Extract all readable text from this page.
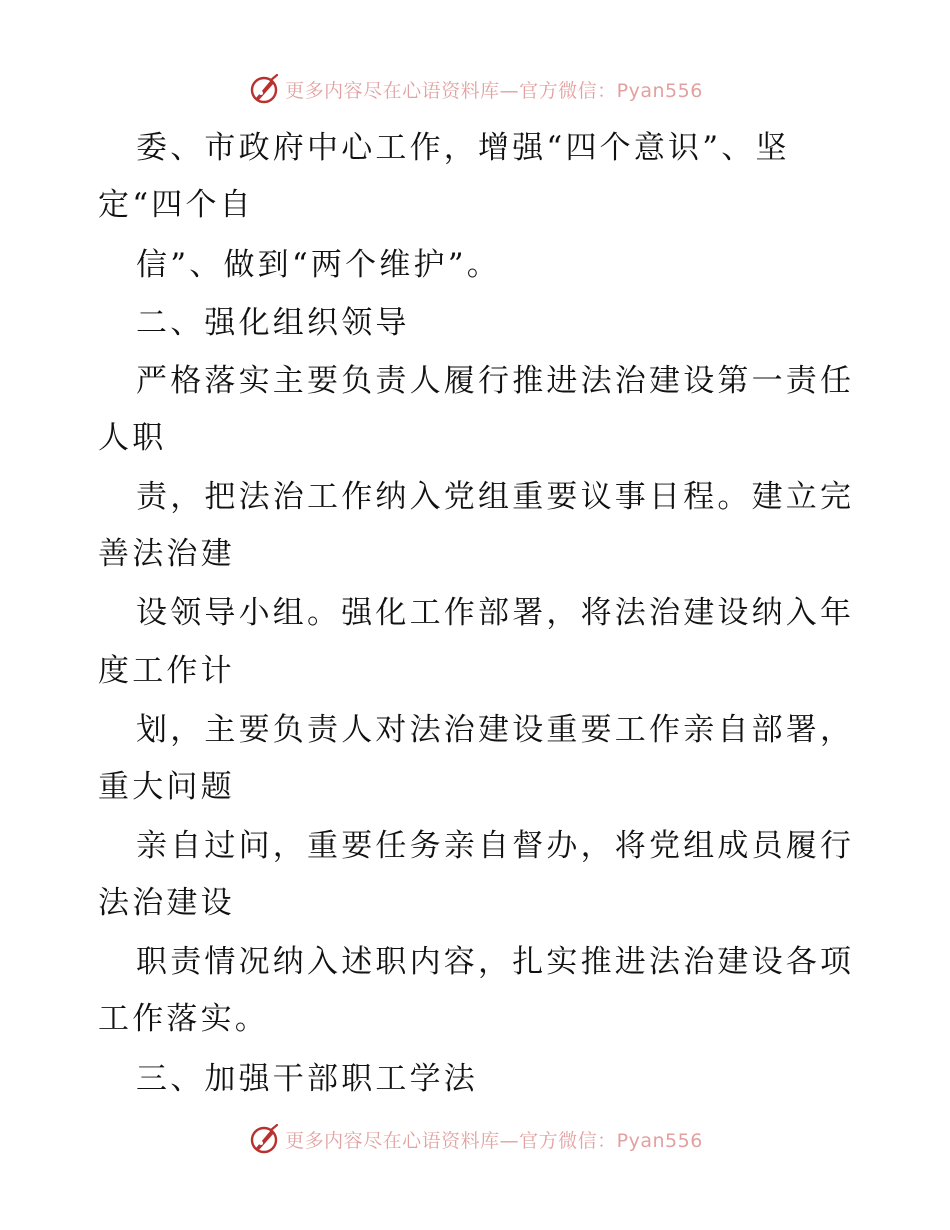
更多内容尽在心语资料库—官方微信：Pyan556
委、市政府中心工作，增强“四个意识”、坚
定“四个自
信”、做到“两个维护”。
二、强化组织领导
严格落实主要负责人履行推进法治建设第一责任
人职
责，把法治工作纳入党组重要议事日程。建立完
善法治建
设领导小组。强化工作部署，将法治建设纳入年
度工作计
划，主要负责人对法治建设重要工作亲自部署，
重大问题
亲自过问，重要任务亲自督办，将党组成员履行
法治建设
职责情况纳入述职内容，扎实推进法治建设各项
工作落实。
三、加强干部职工学法
更多内容尽在心语资料库—官方微信：Pyan556
